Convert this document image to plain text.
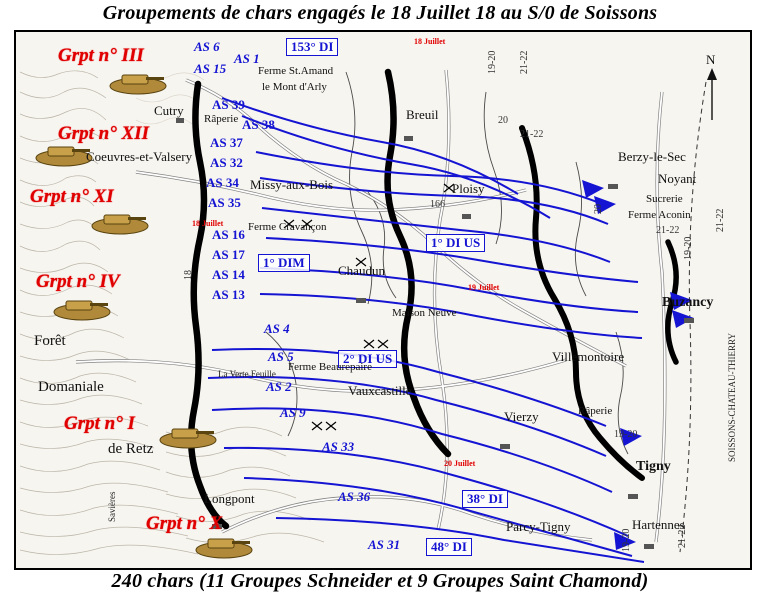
Groupements de chars engagés le 18 Juillet 18 au S/0 de Soissons
240 chars (11 Groupes Schneider et 9 Groupes Saint Chamond)
N
Grpt n° III
Grpt n° XII
Grpt n° XI
Grpt n° IV
Grpt n° I
Grpt n° X
AS 6
AS 1
AS 15
AS 39
AS 38
AS 37
AS 32
AS 34
AS 35
AS 16
AS 17
AS 14
AS 13
AS 4
AS 5
AS 2
AS 9
AS 33
AS 36
AS 31
153° DI
1° DI US
1° DIM
2° DI US
38° DI
48° DI
Cutry
Ferme St.Amand
le Mont d'Arly
Breuil
Coeuvres-et-Valsery
Râperie
Missy-aux-Bois	Ploisy
Berzy-le-Sec
Noyant
Sucrerie
Ferme Aconin
Ferme Cravançon
Chaudun
Buzancy
Maison Neuve
Forêt
Ferme Beaurepaire
La Verte Feuille
Vauxcastille
Villemontoire
Domaniale
de Retz
Vierzy	Râperie
Tigny
Longpont
Parcy-Tigny	Hartennes
SOISSONS-CHATEAU-THIERRY
Savières
19-20 21-22
20
21-22
20
21-22
19-20
21-22
19-20
19-20	21-22
18
166
18 Juillet
18 Juillet
19 Juillet
20 Juillet
